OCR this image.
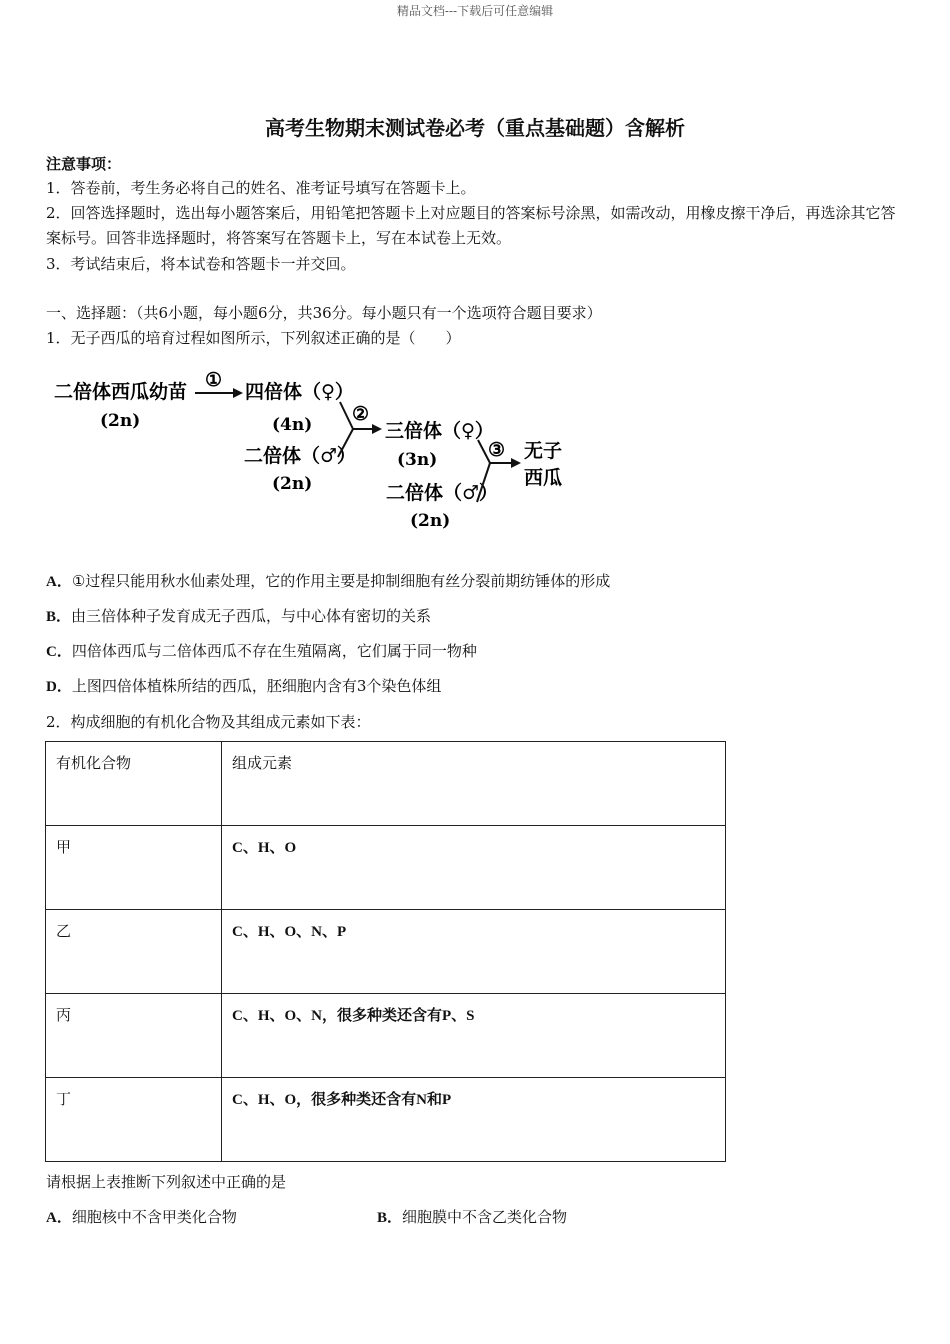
精品文档---下载后可任意编辑
高考生物期末测试卷必考（重点基础题）含解析
注意事项：
1．答卷前，考生务必将自己的姓名、准考证号填写在答题卡上。
2．回答选择题时，选出每小题答案后，用铅笔把答题卡上对应题目的答案标号涂黑，如需改动，用橡皮擦干净后，再选涂其它答案标号。回答非选择题时，将答案写在答题卡上，写在本试卷上无效。
3．考试结束后，将本试卷和答题卡一并交回。
一、选择题：（共6小题，每小题6分，共36分。每小题只有一个选项符合题目要求）
1．无子西瓜的培育过程如图所示，下列叙述正确的是（　　）
二倍体西瓜幼苗
(2n)
①
四倍体（♀）
(4n)
二倍体（♂）
(2n)
②
三倍体（♀）
(3n)
二倍体（♂）
(2n)
③ 无子
西瓜
A．①过程只能用秋水仙素处理，它的作用主要是抑制细胞有丝分裂前期纺锤体的形成
B．由三倍体种子发育成无子西瓜，与中心体有密切的关系
C．四倍体西瓜与二倍体西瓜不存在生殖隔离，它们属于同一物种
D．上图四倍体植株所结的西瓜，胚细胞内含有3个染色体组
2．构成细胞的有机化合物及其组成元素如下表：
有机化合物	组成元素
甲	C、H、O
乙	C、H、O、N、P
丙	C、H、O、N，很多种类还含有P、S
丁	C、H、O，很多种类还含有N和P
请根据上表推断下列叙述中正确的是
A．细胞核中不含甲类化合物	B．细胞膜中不含乙类化合物
